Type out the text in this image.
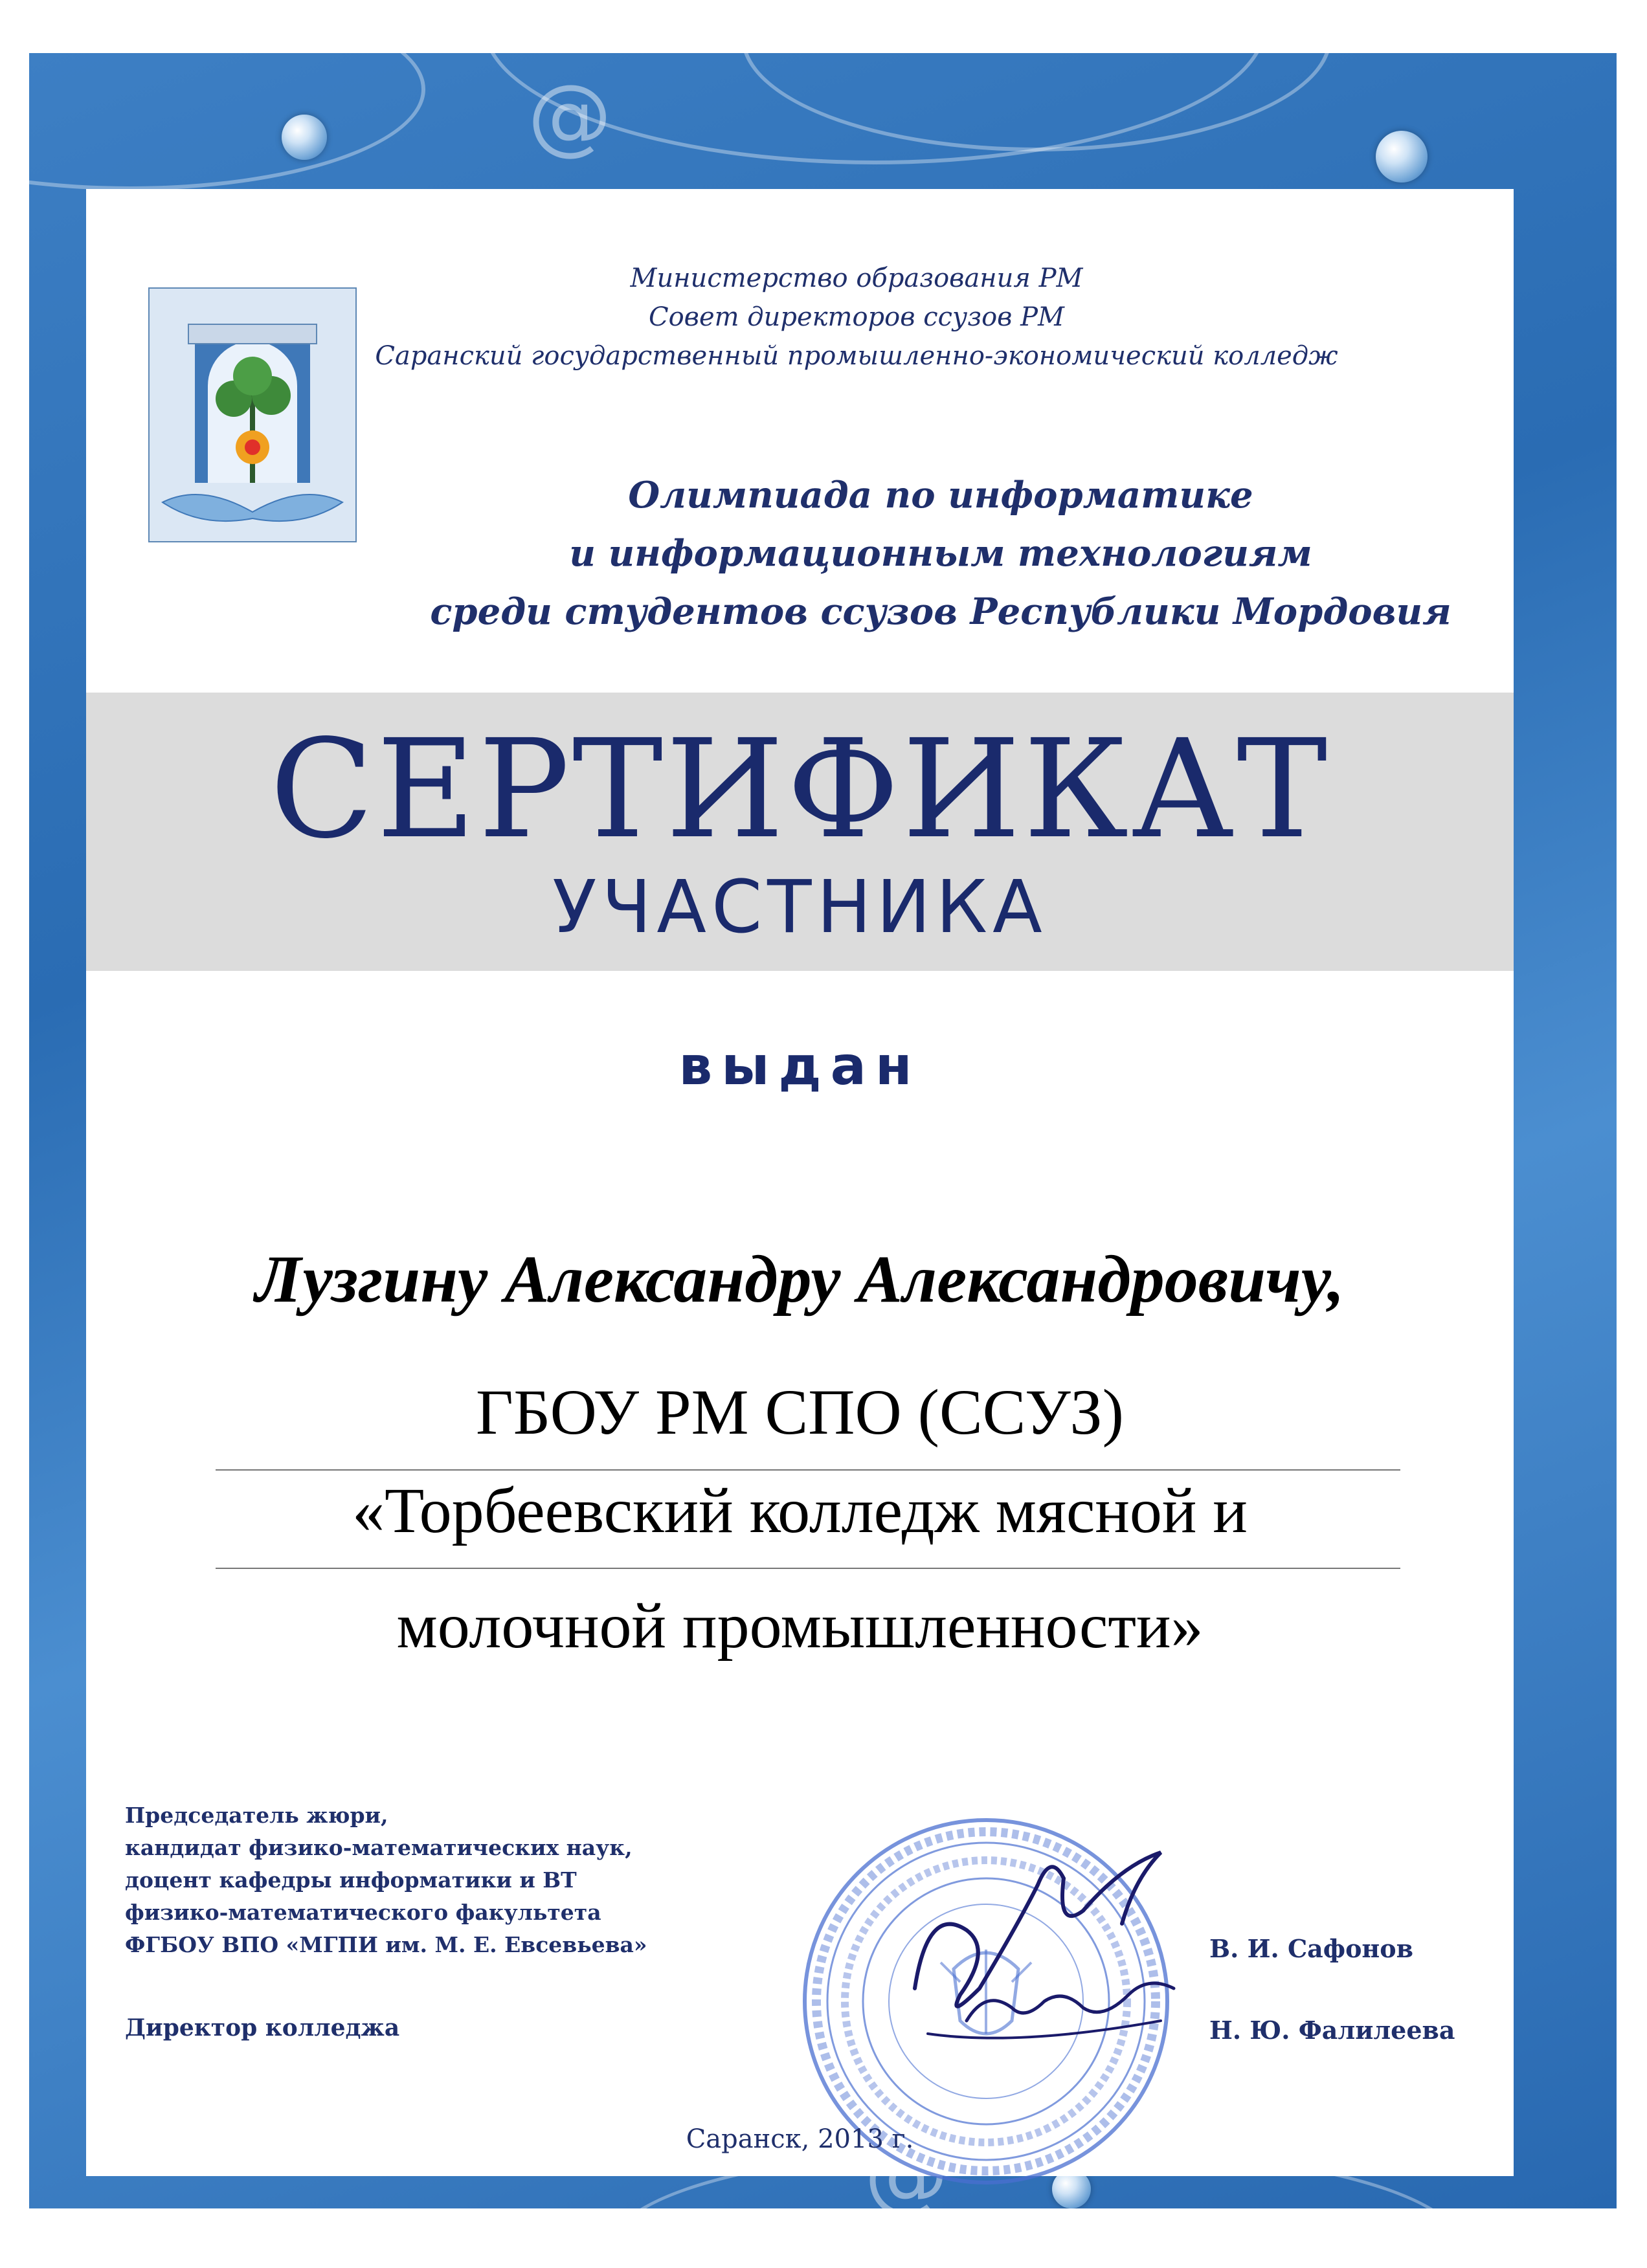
@
Министерство образования РМ
Совет директоров ссузов РМ
Саранский государственный промышленно-экономический колледж
Олимпиада по информатике
и информационным технологиям
среди студентов ссузов Республики Мордовия
СЕРТИФИКАТ
УЧАСТНИКА
выдан
Лузгину Александру Александровичу,
ГБОУ РМ СПО (ССУЗ)
«Торбеевский колледж мясной и
молочной промышленности»
Председатель жюри,
кандидат физико-математических наук,
доцент кафедры информатики и ВТ
физико-математического факультета
ФГБОУ ВПО «МГПИ им. М. Е. Евсевьева»
Директор колледжа
В. И. Сафонов
Н. Ю. Фалилеева
Саранск, 2013 г.
